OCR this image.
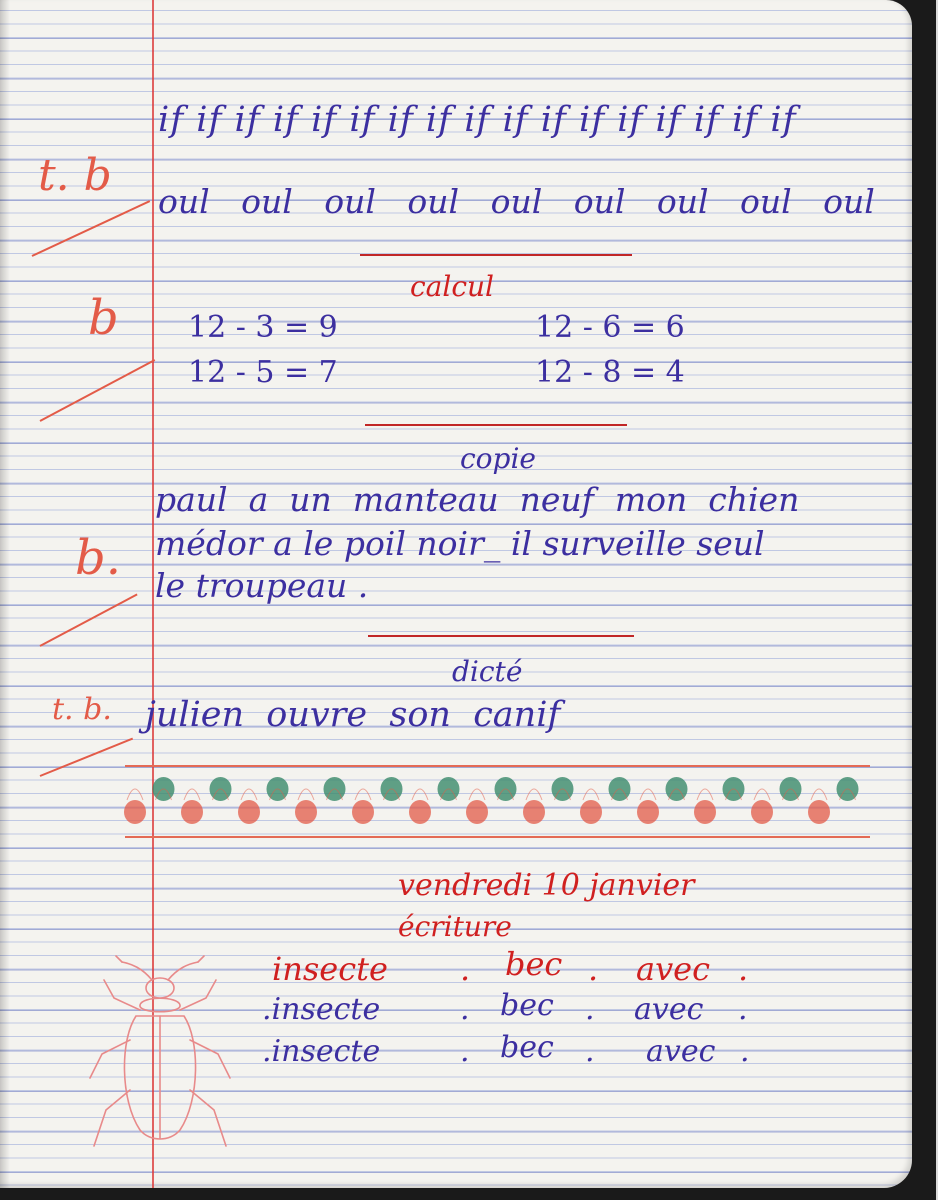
t. b
b
b.
t. b.
if if if if if if if if if if if if if if if if if
oul   oul   oul   oul   oul   oul   oul   oul   oul
calcul
12 - 3 = 9	12 - 6 = 6
12 - 5 = 7	12 - 8 = 4
copie
paul  a  un  manteau  neuf  mon  chien
médor a le poil noir_ il surveille seul
le troupeau .
dicté
julien  ouvre  son  canif
vendredi 10 janvier
écriture
insecte . bec . avec .
.insecte	. bec . avec .
.insecte	. bec . avec .
